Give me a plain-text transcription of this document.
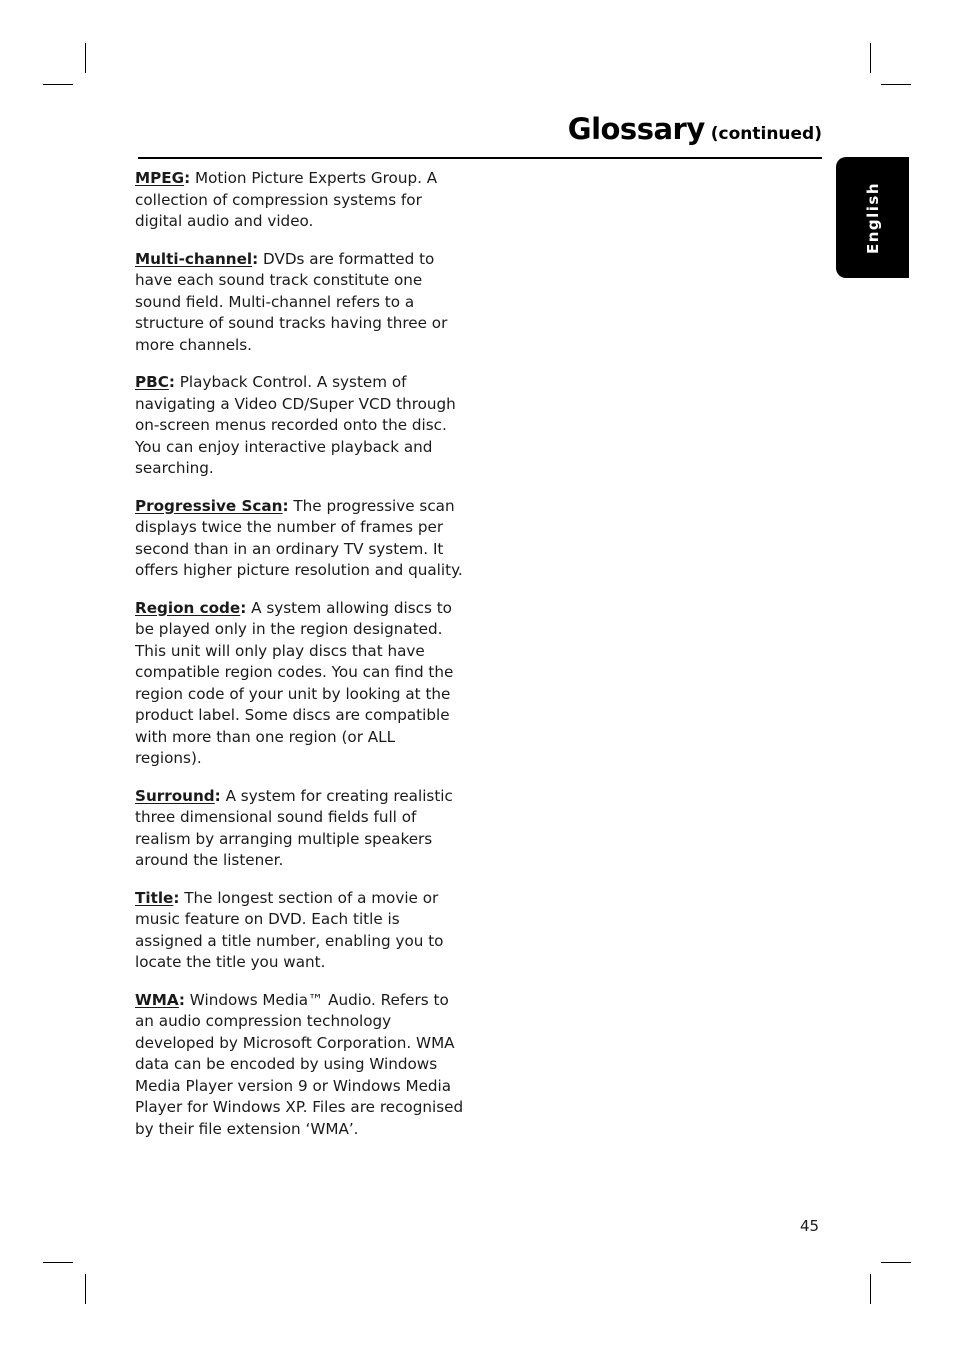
Glossary (continued)
English

MPEG: Motion Picture Experts Group. A collection of compression systems for digital audio and video.

Multi-channel: DVDs are formatted to have each sound track constitute one sound field. Multi-channel refers to a structure of sound tracks having three or more channels.

PBC: Playback Control. A system of navigating a Video CD/Super VCD through on-screen menus recorded onto the disc. You can enjoy interactive playback and searching.

Progressive Scan: The progressive scan displays twice the number of frames per second than in an ordinary TV system. It offers higher picture resolution and quality.

Region code: A system allowing discs to be played only in the region designated. This unit will only play discs that have compatible region codes. You can find the region code of your unit by looking at the product label. Some discs are compatible with more than one region (or ALL regions).

Surround: A system for creating realistic three dimensional sound fields full of realism by arranging multiple speakers around the listener.

Title: The longest section of a movie or music feature on DVD. Each title is assigned a title number, enabling you to locate the title you want.

WMA: Windows Media™ Audio. Refers to an audio compression technology developed by Microsoft Corporation. WMA data can be encoded by using Windows Media Player version 9 or Windows Media Player for Windows XP. Files are recognised by their file extension ‘WMA’.

45
